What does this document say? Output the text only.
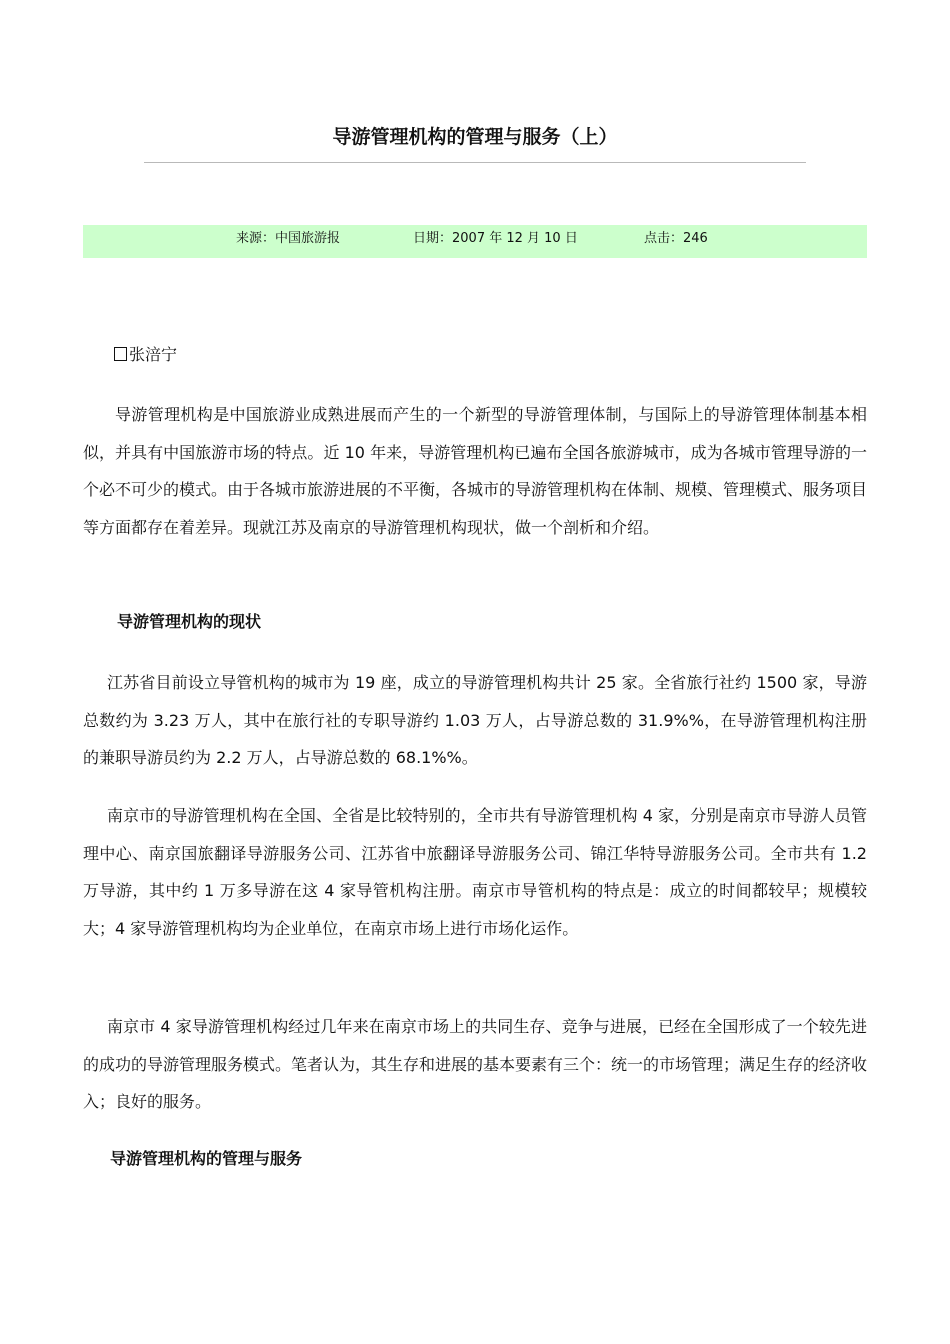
导游管理机构的管理与服务（上）
来源：中国旅游报	日期：2007 年 12 月 10 日	点击：246
张涪宁

导游管理机构是中国旅游业成熟进展而产生的一个新型的导游管理体制，与国际上的导游管理体制基本相似，并具有中国旅游市场的特点。近 10 年来，导游管理机构已遍布全国各旅游城市，成为各城市管理导游的一个必不可少的模式。由于各城市旅游进展的不平衡，各城市的导游管理机构在体制、规模、管理模式、服务项目等方面都存在着差异。现就江苏及南京的导游管理机构现状，做一个剖析和介绍。

导游管理机构的现状

江苏省目前设立导管机构的城市为 19 座，成立的导游管理机构共计 25 家。全省旅行社约 1500 家，导游总数约为 3.23 万人，其中在旅行社的专职导游约 1.03 万人，占导游总数的 31.9%%，在导游管理机构注册的兼职导游员约为 2.2 万人，占导游总数的 68.1%%。

南京市的导游管理机构在全国、全省是比较特别的，全市共有导游管理机构 4 家，分别是南京市导游人员管理中心、南京国旅翻译导游服务公司、江苏省中旅翻译导游服务公司、锦江华特导游服务公司。全市共有 1.2 万导游，其中约 1 万多导游在这 4 家导管机构注册。南京市导管机构的特点是：成立的时间都较早；规模较大；4 家导游管理机构均为企业单位，在南京市场上进行市场化运作。

南京市 4 家导游管理机构经过几年来在南京市场上的共同生存、竞争与进展，已经在全国形成了一个较先进的成功的导游管理服务模式。笔者认为，其生存和进展的基本要素有三个：统一的市场管理；满足生存的经济收入；良好的服务。

导游管理机构的管理与服务
